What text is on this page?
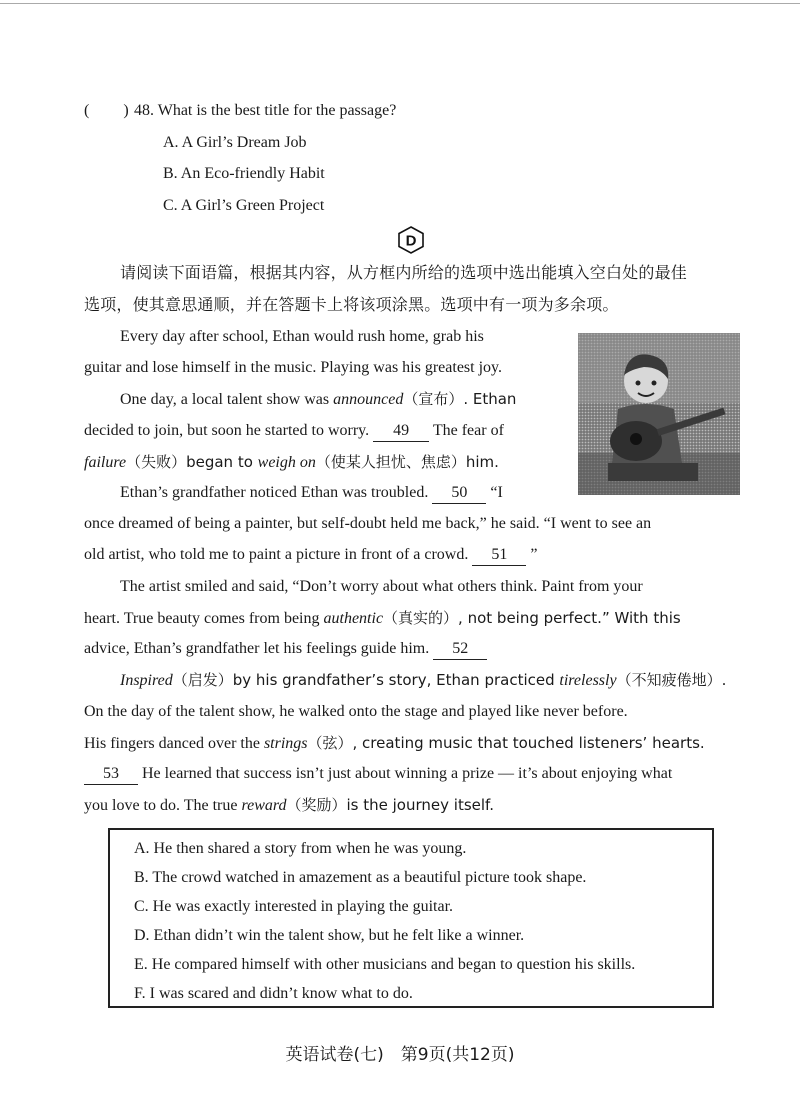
( ) 48. What is the best title for the passage?
A. A Girl’s Dream Job
B. An Eco-friendly Habit
C. A Girl’s Green Project
D
请阅读下面语篇，根据其内容，从方框内所给的选项中选出能填入空白处的最佳
选项，使其意思通顺，并在答题卡上将该项涂黑。选项中有一项为多余项。
Every day after school, Ethan would rush home, grab his
guitar and lose himself in the music. Playing was his greatest joy.
One day, a local talent show was announced（宣布）. Ethan
decided to join, but soon he started to worry. 49 The fear of
failure（失败）began to weigh on（使某人担忧、焦虑）him.
Ethan’s grandfather noticed Ethan was troubled. 50 “I
once dreamed of being a painter, but self-doubt held me back,” he said. “I went to see an
old artist, who told me to paint a picture in front of a crowd. 51 ”
The artist smiled and said, “Don’t worry about what others think. Paint from your
heart. True beauty comes from being authentic（真实的）, not being perfect.” With this
advice, Ethan’s grandfather let his feelings guide him. 52
Inspired（启发）by his grandfather’s story, Ethan practiced tirelessly（不知疲倦地）.
On the day of the talent show, he walked onto the stage and played like never before.
His fingers danced over the strings（弦）, creating music that touched listeners’ hearts.
53 He learned that success isn’t just about winning a prize — it’s about enjoying what
you love to do. The true reward（奖励）is the journey itself.
A. He then shared a story from when he was young.
B. The crowd watched in amazement as a beautiful picture took shape.
C. He was exactly interested in playing the guitar.
D. Ethan didn’t win the talent show, but he felt like a winner.
E. He compared himself with other musicians and began to question his skills.
F. I was scared and didn’t know what to do.
英语试卷(七)　第9页(共12页)
